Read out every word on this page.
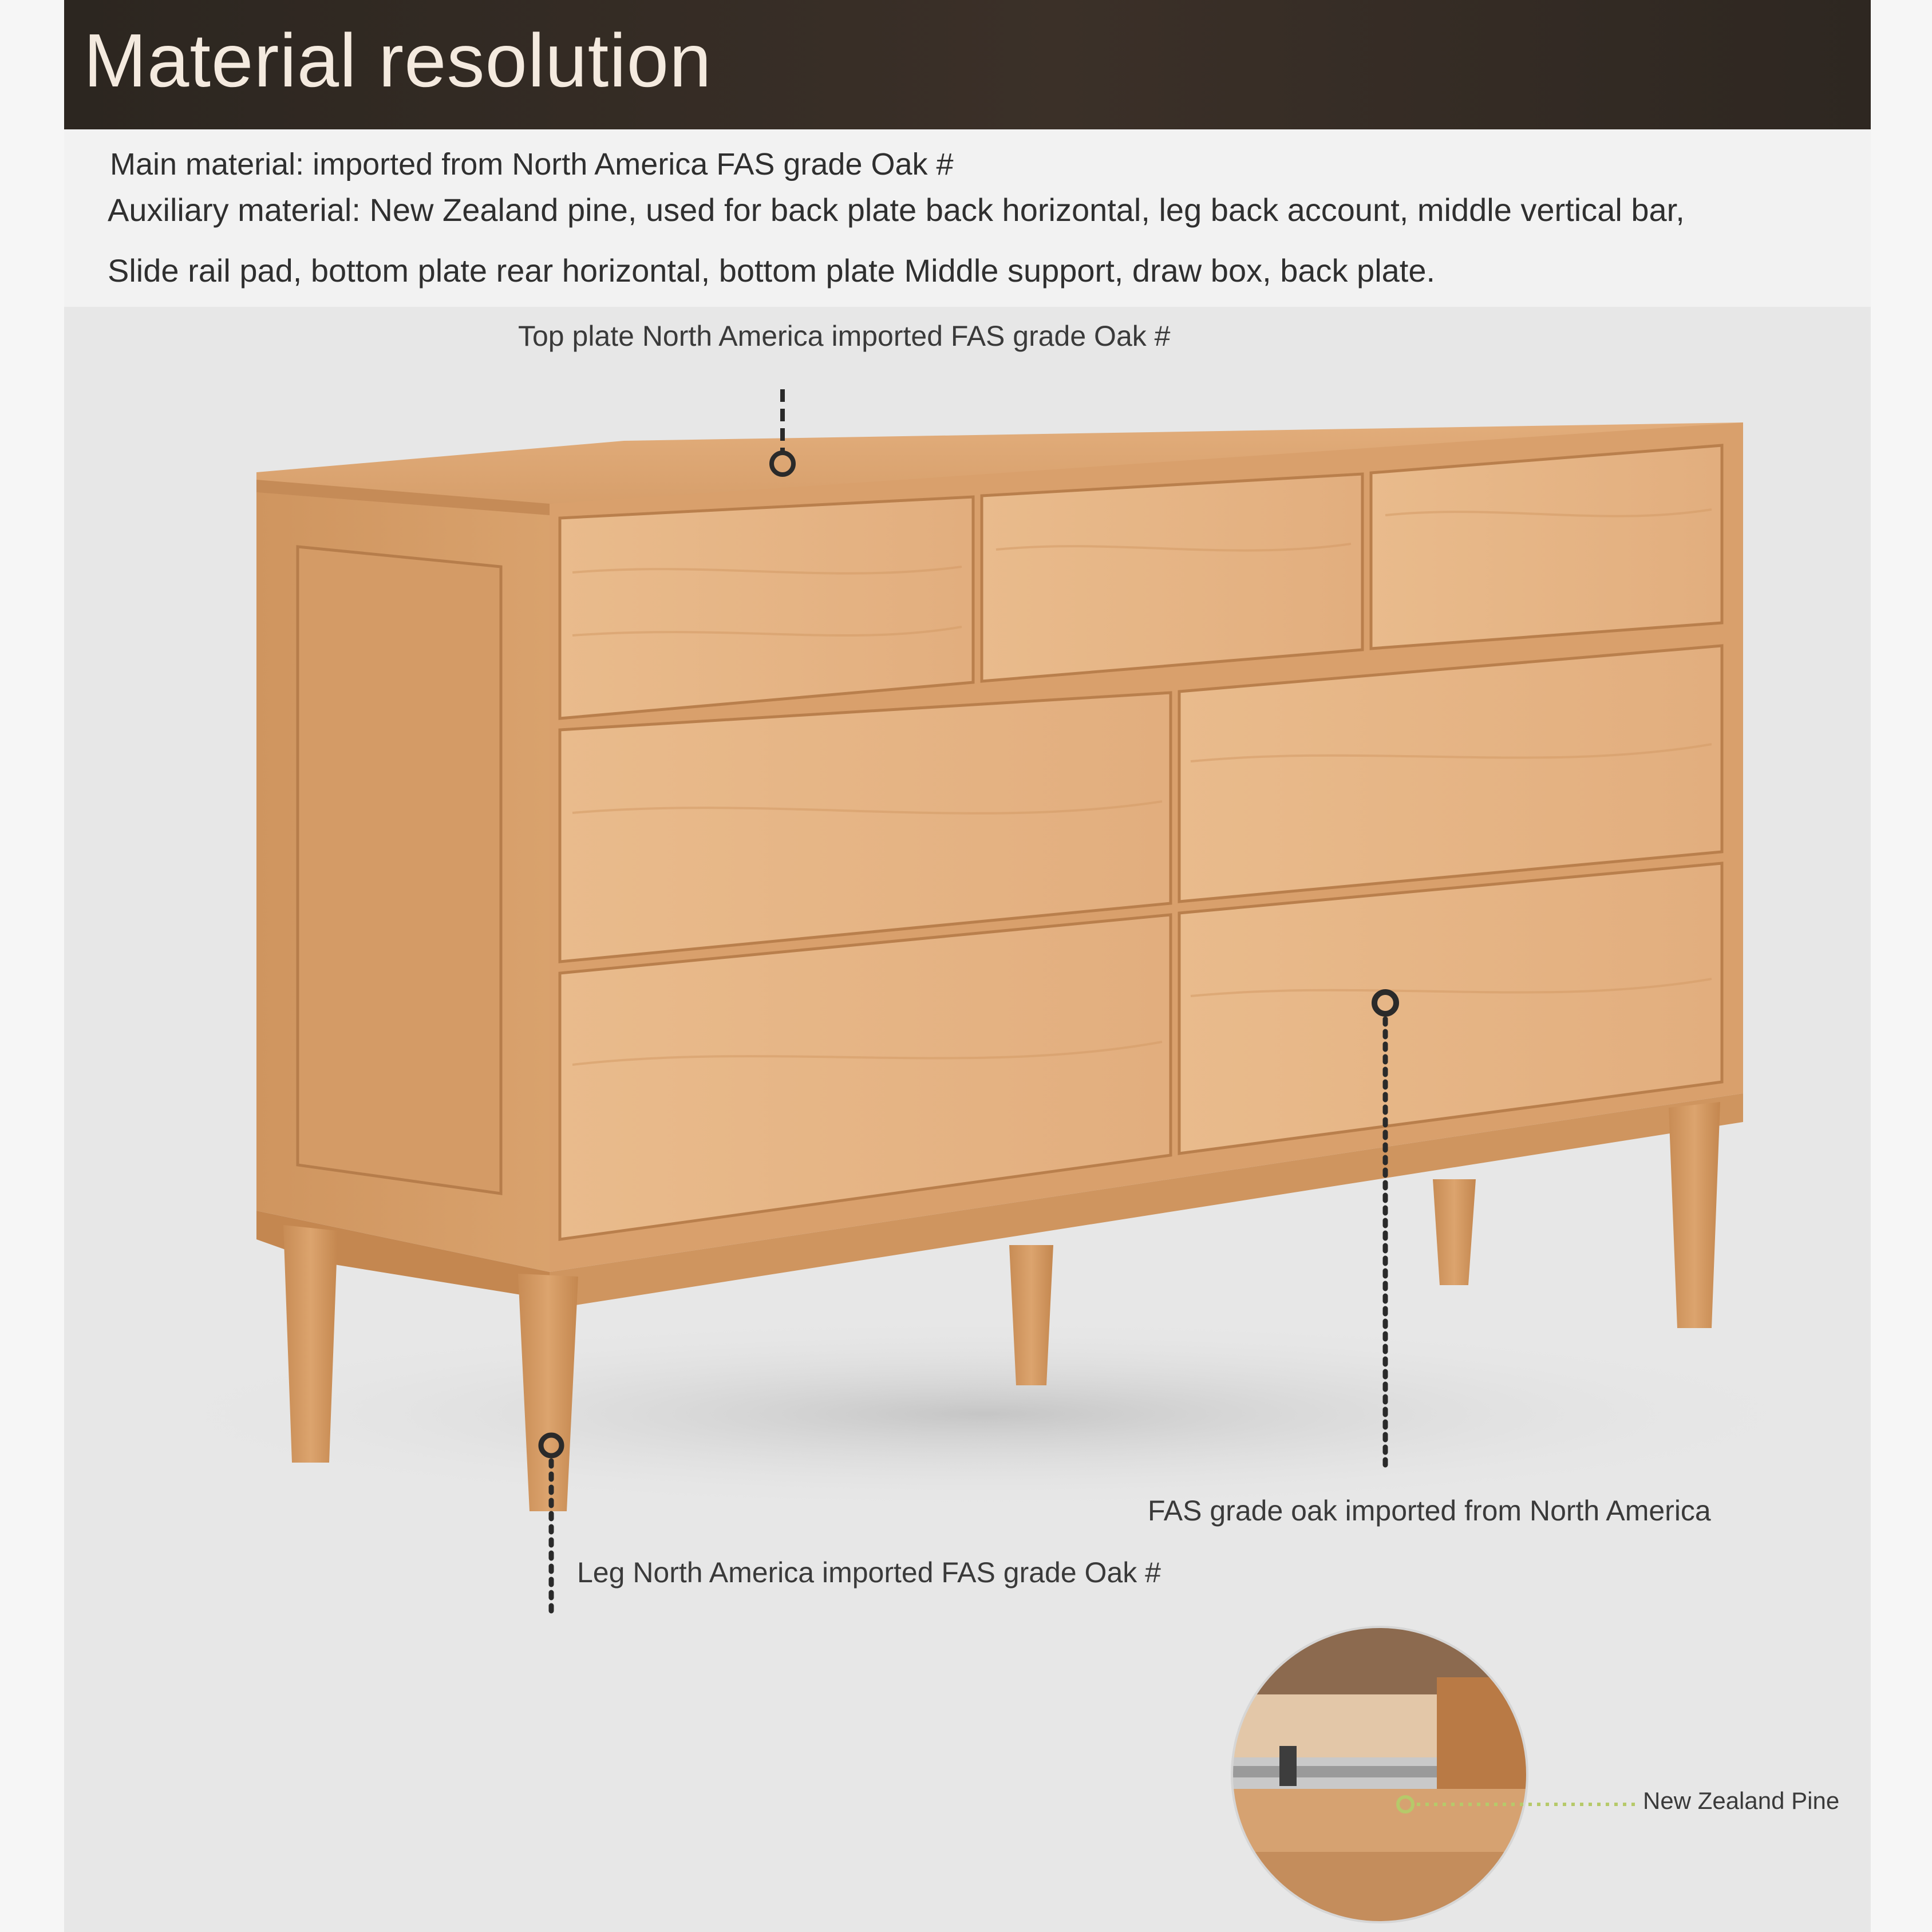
Material resolution

Main material: imported from North America FAS grade Oak #

Auxiliary material: New Zealand pine, used for back plate back horizontal, leg back account, middle vertical bar,

Slide rail pad, bottom plate rear horizontal, bottom plate Middle support, draw box, back plate.

Top plate North America imported FAS grade Oak #

FAS grade oak imported from North America

Leg North America imported FAS grade Oak #

New Zealand Pine
